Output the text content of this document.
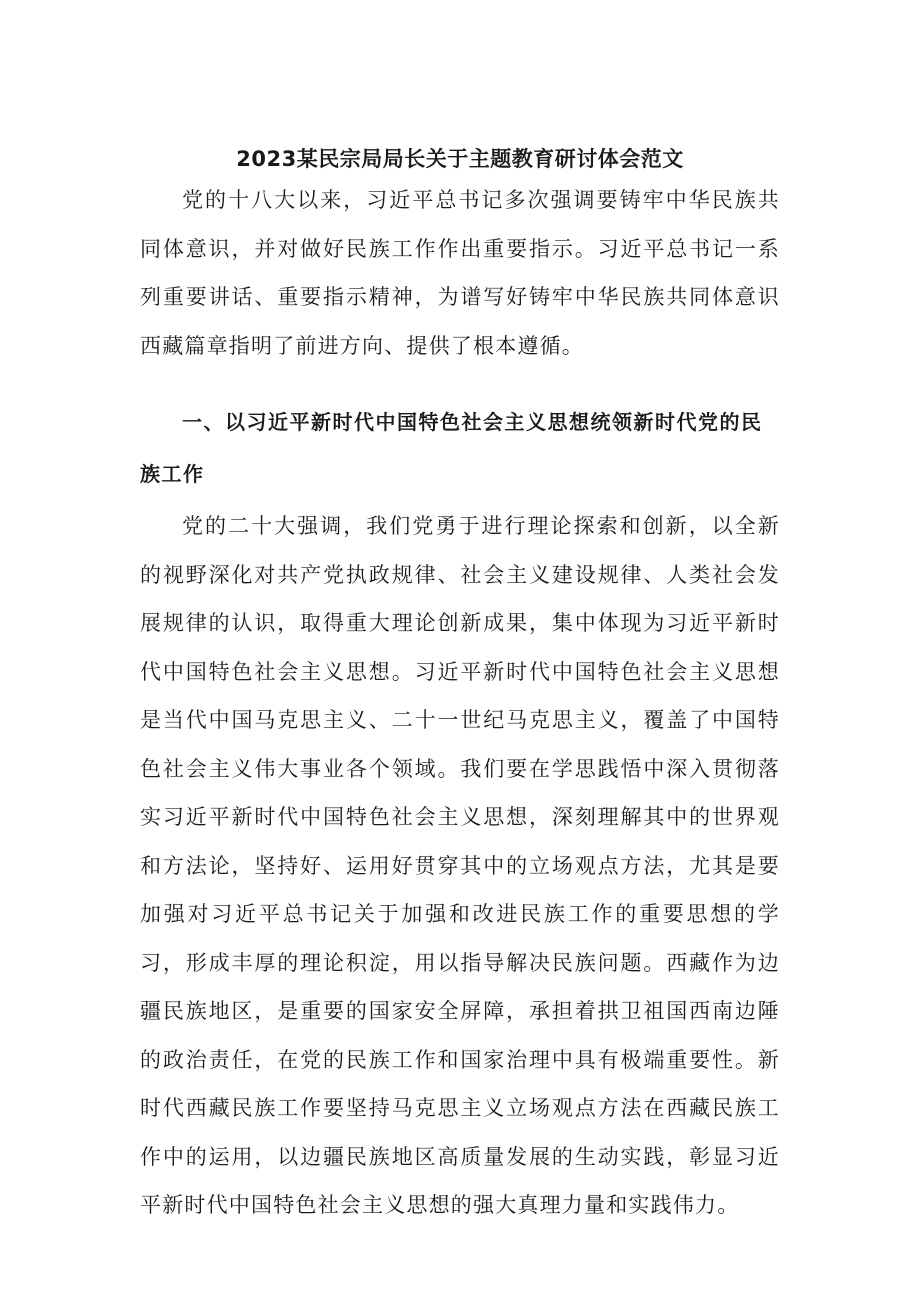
2023某民宗局局长关于主题教育研讨体会范文

党的十八大以来，习近平总书记多次强调要铸牢中华民族共同体意识，并对做好民族工作作出重要指示。习近平总书记一系列重要讲话、重要指示精神，为谱写好铸牢中华民族共同体意识西藏篇章指明了前进方向、提供了根本遵循。

一、以习近平新时代中国特色社会主义思想统领新时代党的民族工作

党的二十大强调，我们党勇于进行理论探索和创新，以全新的视野深化对共产党执政规律、社会主义建设规律、人类社会发展规律的认识，取得重大理论创新成果，集中体现为习近平新时代中国特色社会主义思想。习近平新时代中国特色社会主义思想是当代中国马克思主义、二十一世纪马克思主义，覆盖了中国特色社会主义伟大事业各个领域。我们要在学思践悟中深入贯彻落实习近平新时代中国特色社会主义思想，深刻理解其中的世界观和方法论，坚持好、运用好贯穿其中的立场观点方法，尤其是要加强对习近平总书记关于加强和改进民族工作的重要思想的学习，形成丰厚的理论积淀，用以指导解决民族问题。西藏作为边疆民族地区，是重要的国家安全屏障，承担着拱卫祖国西南边陲的政治责任，在党的民族工作和国家治理中具有极端重要性。新时代西藏民族工作要坚持马克思主义立场观点方法在西藏民族工作中的运用，以边疆民族地区高质量发展的生动实践，彰显习近平新时代中国特色社会主义思想的强大真理力量和实践伟力。
